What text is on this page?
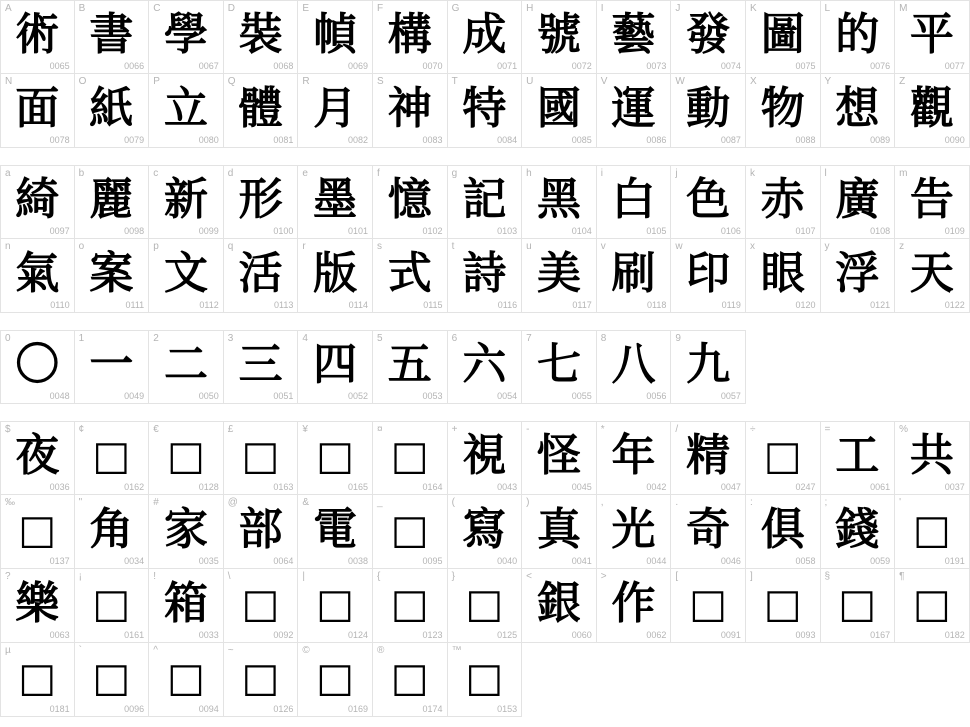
A
術
0065
B
書
0066
C
學
0067
D
裝
0068
E
幀
0069
F
構
0070
G
成
0071
H
號
0072
I
藝
0073
J
發
0074
K
圖
0075
L
的
0076
M
平
0077
N
面
0078
O
紙
0079
P
立
0080
Q
體
0081
R
月
0082
S
神
0083
T
特
0084
U
國
0085
V
運
0086
W
動
0087
X
物
0088
Y
想
0089
Z
觀
0090
a
綺
0097
b
麗
0098
c
新
0099
d
形
0100
e
墨
0101
f
憶
0102
g
記
0103
h
黑
0104
i
白
0105
j
色
0106
k
赤
0107
l
廣
0108
m
告
0109
n
氣
0110
o
案
0111
p
文
0112
q
活
0113
r
版
0114
s
式
0115
t
詩
0116
u
美
0117
v
刷
0118
w
印
0119
x
眼
0120
y
浮
0121
z
天
0122
0
〇
0048
1
一
0049
2
二
0050
3
三
0051
4
四
0052
5
五
0053
6
六
0054
7
七
0055
8
八
0056
9
九
0057
$
夜
0036
¢
□
0162
€
□
0128
£
□
0163
¥
□
0165
¤
□
0164
+
視
0043
-
怪
0045
*
年
0042
/
精
0047
÷
□
0247
=
工
0061
%
共
0037
‰
□
0137
"
角
0034
#
家
0035
@
部
0064
&
電
0038
_
□
0095
(
寫
0040
)
真
0041
,
光
0044
.
奇
0046
:
俱
0058
;
錢
0059
'
□
0191
?
樂
0063
¡
□
0161
!
箱
0033
\
□
0092
|
□
0124
{
□
0123
}
□
0125
<
銀
0060
>
作
0062
[
□
0091
]
□
0093
§
□
0167
¶
□
0182
µ
□
0181
`
□
0096
^
□
0094
~
□
0126
©
□
0169
®
□
0174
™
□
0153
